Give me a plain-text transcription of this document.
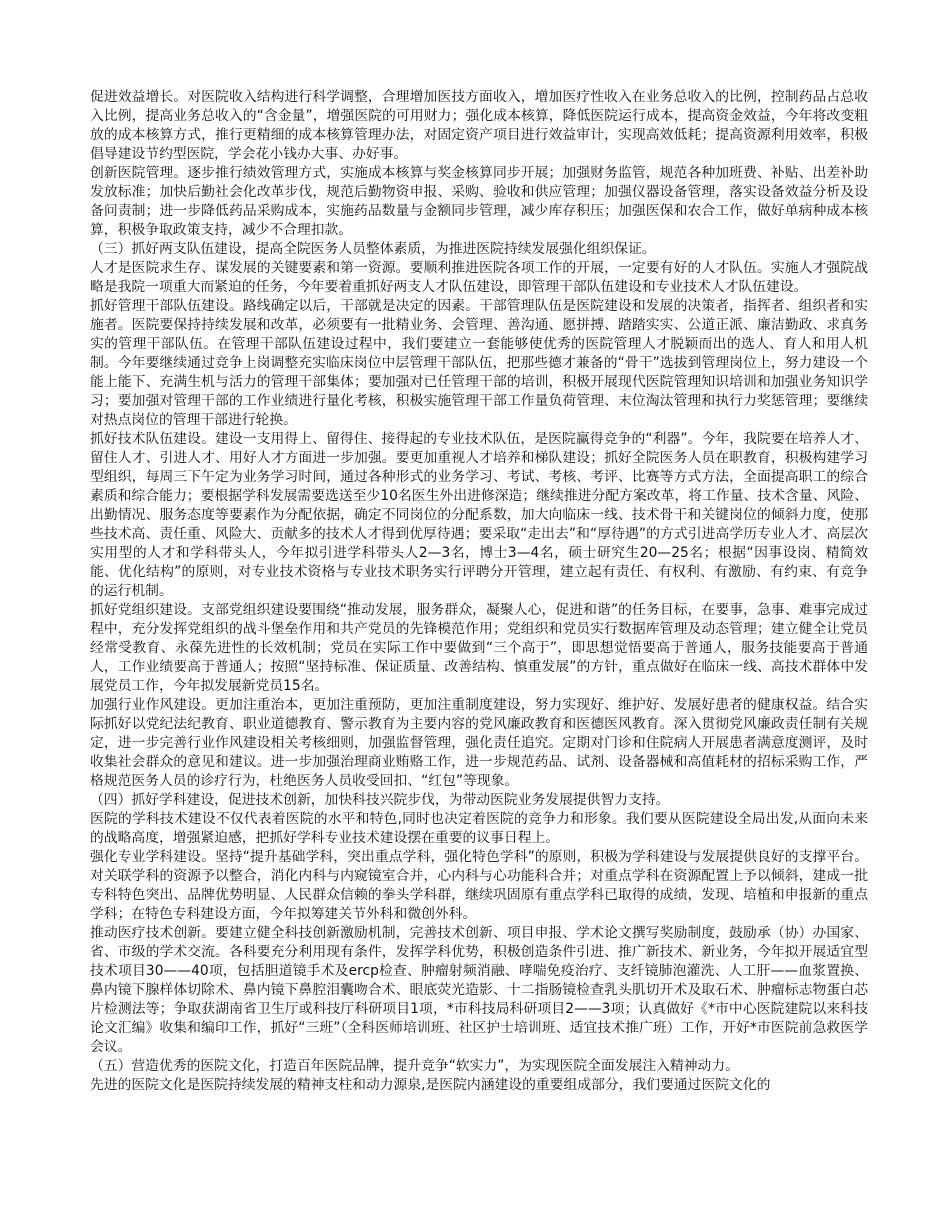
促进效益增长。对医院收入结构进行科学调整，合理增加医技方面收入，增加医疗性收入在业务总收入的比例，控制药品占总收入比例，提高业务总收入的“含金量”，增强医院的可用财力；强化成本核算，降低医院运行成本，提高资金效益，今年将改变粗放的成本核算方式，推行更精细的成本核算管理办法，对固定资产项目进行效益审计，实现高效低耗；提高资源利用效率，积极倡导建设节约型医院，学会花小钱办大事、办好事。

创新医院管理。逐步推行绩效管理方式，实施成本核算与奖金核算同步开展；加强财务监管，规范各种加班费、补贴、出差补助发放标准；加快后勤社会化改革步伐，规范后勤物资申报、采购、验收和供应管理；加强仪器设备管理，落实设备效益分析及设备问责制；进一步降低药品采购成本，实施药品数量与金额同步管理，减少库存积压；加强医保和农合工作，做好单病种成本核算，积极争取政策支持，减少不合理扣款。

（三）抓好两支队伍建设，提高全院医务人员整体素质，为推进医院持续发展强化组织保证。

人才是医院求生存、谋发展的关键要素和第一资源。要顺利推进医院各项工作的开展，一定要有好的人才队伍。实施人才强院战略是我院一项重大而紧迫的任务，今年要着重抓好两支人才队伍建设，即管理干部队伍建设和专业技术人才队伍建设。

抓好管理干部队伍建设。路线确定以后，干部就是决定的因素。干部管理队伍是医院建设和发展的决策者，指挥者、组织者和实施者。医院要保持持续发展和改革，必须要有一批精业务、会管理、善沟通、愿拼搏、踏踏实实、公道正派、廉洁勤政、求真务实的管理干部队伍。在管理干部队伍建设过程中，我们要建立一套能够使优秀的医院管理人才脱颖而出的选人、育人和用人机制。今年要继续通过竞争上岗调整充实临床岗位中层管理干部队伍，把那些德才兼备的“骨干”选拔到管理岗位上，努力建设一个能上能下、充满生机与活力的管理干部集体；要加强对已任管理干部的培训，积极开展现代医院管理知识培训和加强业务知识学习；要加强对管理干部的工作业绩进行量化考核，积极实施管理干部工作量负荷管理、末位淘汰管理和执行力奖惩管理；要继续对热点岗位的管理干部进行轮换。

抓好技术队伍建设。建设一支用得上、留得住、接得起的专业技术队伍，是医院赢得竞争的“利器”。今年，我院要在培养人才、留住人才、引进人才、用好人才方面进一步加强。要更加重视人才培养和梯队建设；抓好全院医务人员在职教育，积极构建学习型组织，每周三下午定为业务学习时间，通过各种形式的业务学习、考试、考核、考评、比赛等方式方法，全面提高职工的综合素质和综合能力；要根据学科发展需要选送至少10名医生外出进修深造；继续推进分配方案改革，将工作量、技术含量、风险、出勤情况、服务态度等要素作为分配依据，确定不同岗位的分配系数，加大向临床一线、技术骨干和关键岗位的倾斜力度，使那些技术高、责任重、风险大、贡献多的技术人才得到优厚待遇；要采取“走出去”和“厚待遇”的方式引进高学历专业人才、高层次实用型的人才和学科带头人，今年拟引进学科带头人2—3名，博士3—4名，硕士研究生20—25名；根据“因事设岗、精简效能、优化结构”的原则，对专业技术资格与专业技术职务实行评聘分开管理，建立起有责任、有权利、有激励、有约束、有竞争的运行机制。

抓好党组织建设。支部党组织建设要围绕“推动发展，服务群众，凝聚人心，促进和谐”的任务目标，在要事，急事、难事完成过程中，充分发挥党组织的战斗堡垒作用和共产党员的先锋模范作用；党组织和党员实行数据库管理及动态管理；建立健全让党员经常受教育、永葆先进性的长效机制；党员在实际工作中要做到“三个高于”，即思想觉悟要高于普通人，服务技能要高于普通人，工作业绩要高于普通人；按照“坚持标准、保证质量、改善结构、慎重发展”的方针，重点做好在临床一线、高技术群体中发展党员工作，今年拟发展新党员15名。

加强行业作风建设。更加注重治本，更加注重预防，更加注重制度建设，努力实现好、维护好、发展好患者的健康权益。结合实际抓好以党纪法纪教育、职业道德教育、警示教育为主要内容的党风廉政教育和医德医风教育。深入贯彻党风廉政责任制有关规定，进一步完善行业作风建设相关考核细则，加强监督管理，强化责任追究。定期对门诊和住院病人开展患者满意度测评，及时收集社会群众的意见和建议。进一步加强治理商业贿赂工作，进一步规范药品、试剂、设备器械和高值耗材的招标采购工作，严格规范医务人员的诊疗行为，杜绝医务人员收受回扣、“红包”等现象。

（四）抓好学科建设，促进技术创新，加快科技兴院步伐，为带动医院业务发展提供智力支持。

医院的学科技术建设不仅代表着医院的水平和特色,同时也决定着医院的竞争力和形象。我们要从医院建设全局出发,从面向未来的战略高度，增强紧迫感，把抓好学科专业技术建设摆在重要的议事日程上。

强化专业学科建设。坚持“提升基础学科，突出重点学科，强化特色学科”的原则，积极为学科建设与发展提供良好的支撑平台。对关联学科的资源予以整合，消化内科与内窥镜室合并，心内科与心功能科合并；对重点学科在资源配置上予以倾斜，建成一批专科特色突出、品牌优势明显、人民群众信赖的拳头学科群，继续巩固原有重点学科已取得的成绩，发现、培植和申报新的重点学科；在特色专科建设方面，今年拟筹建关节外科和微创外科。

推动医疗技术创新。要建立健全科技创新激励机制，完善技术创新、项目申报、学术论文撰写奖励制度，鼓励承（协）办国家、省、市级的学术交流。各科要充分利用现有条件，发挥学科优势，积极创造条件引进、推广新技术、新业务，今年拟开展适宜型技术项目30——40项，包括胆道镜手术及ercp检查、肿瘤射频消融、哮喘免疫治疗、支纤镜肺泡灌洗、人工肝——血浆置换、鼻内镜下腺样体切除术、鼻内镜下鼻腔泪囊吻合术、眼底荧光造影、十二指肠镜检查乳头肌切开术及取石术、肿瘤标志物蛋白芯片检测法等；争取获湖南省卫生厅或科技厅科研项目1项，*市科技局科研项目2——3项；认真做好《*市中心医院建院以来科技论文汇编》收集和编印工作，抓好“三班”（全科医师培训班、社区护士培训班、适宜技术推广班）工作，开好*市医院前急救医学会议。

（五）营造优秀的医院文化，打造百年医院品牌，提升竞争“软实力”，为实现医院全面发展注入精神动力。

先进的医院文化是医院持续发展的精神支柱和动力源泉,是医院内涵建设的重要组成部分，我们要通过医院文化的
